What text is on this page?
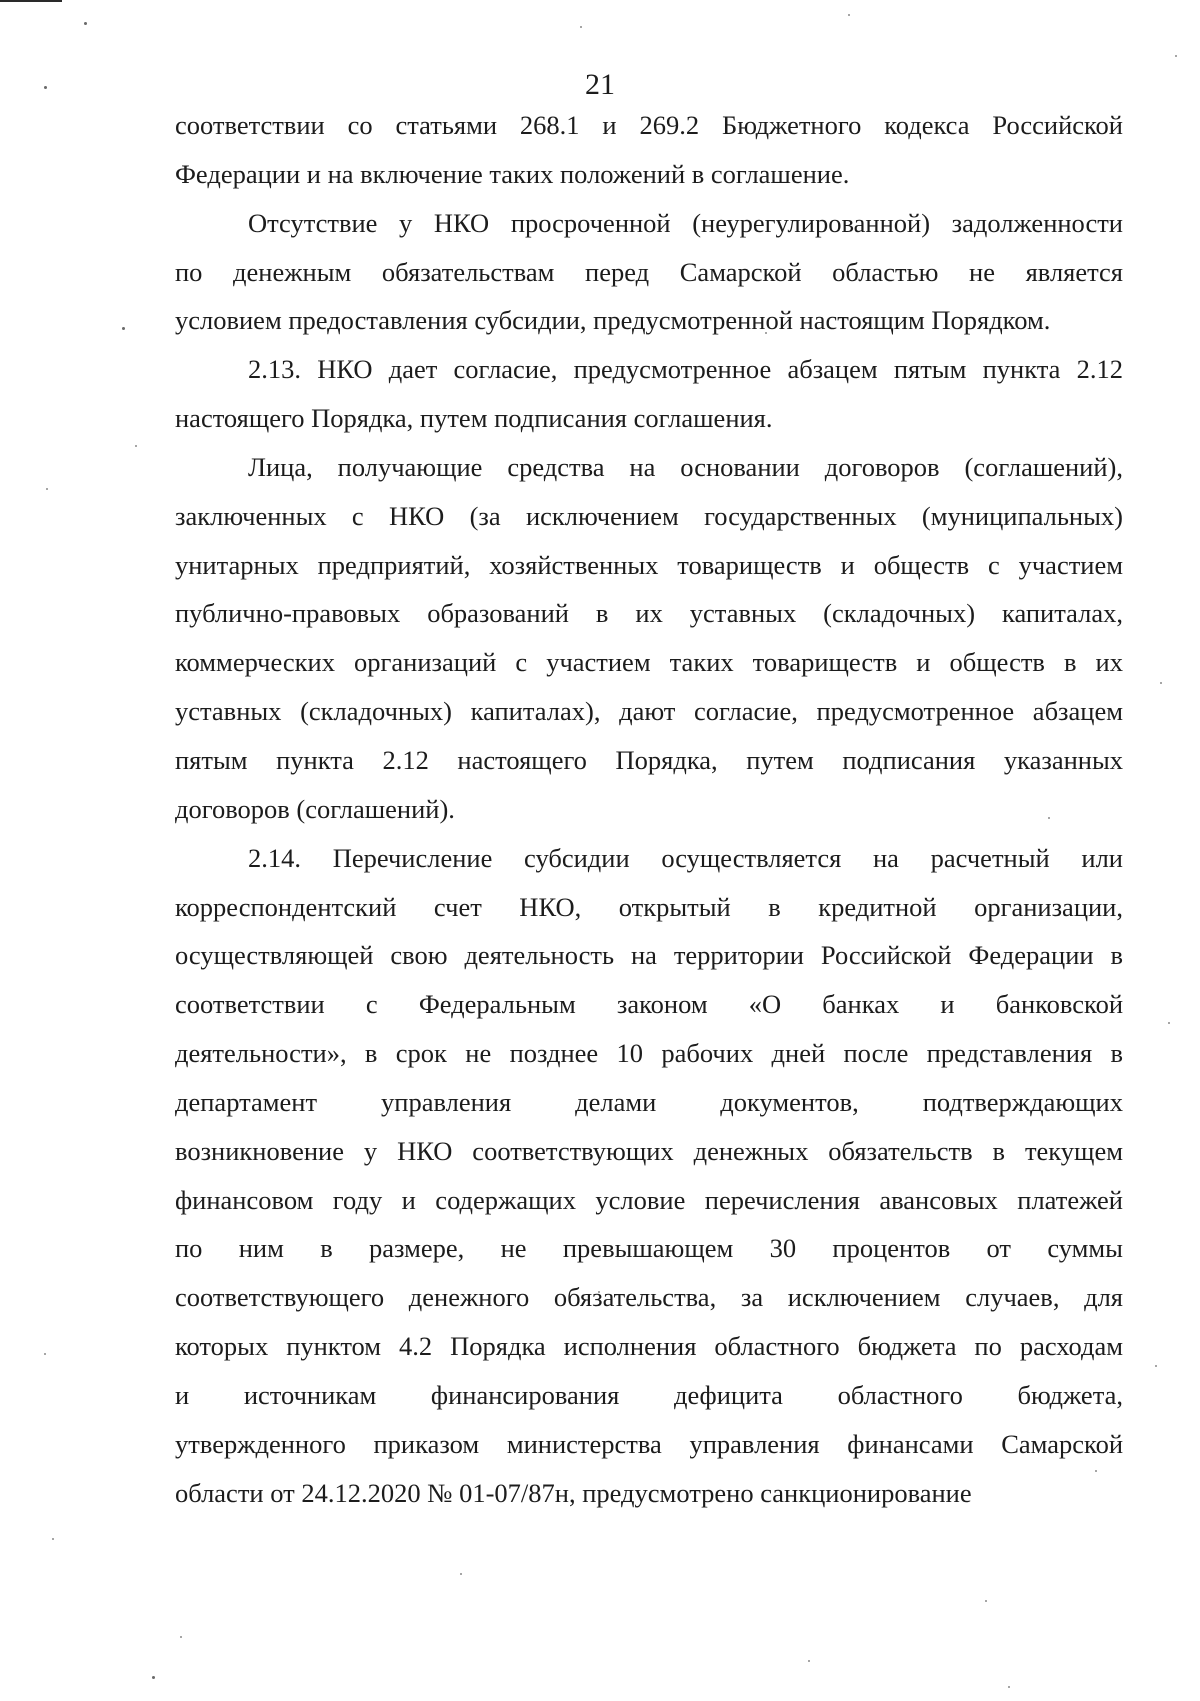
21
соответствии со статьями 268.1 и 269.2 Бюджетного кодекса Российской
Федерации и на включение таких положений в соглашение.
Отсутствие у НКО просроченной (неурегулированной) задолженности
по денежным обязательствам перед Самарской областью не является
условием предоставления субсидии, предусмотренной настоящим Порядком.
2.13. НКО дает согласие, предусмотренное абзацем пятым пункта 2.12
настоящего Порядка, путем подписания соглашения.
Лица, получающие средства на основании договоров (соглашений),
заключенных с НКО (за исключением государственных (муниципальных)
унитарных предприятий, хозяйственных товариществ и обществ с участием
публично-правовых образований в их уставных (складочных) капиталах,
коммерческих организаций с участием таких товариществ и обществ в их
уставных (складочных) капиталах), дают согласие, предусмотренное абзацем
пятым пункта 2.12 настоящего Порядка, путем подписания указанных
договоров (соглашений).
2.14. Перечисление субсидии осуществляется на расчетный или
корреспондентский счет НКО, открытый в кредитной организации,
осуществляющей свою деятельность на территории Российской Федерации в
соответствии с Федеральным законом «О банках и банковской
деятельности», в срок не позднее 10 рабочих дней после представления в
департамент управления делами документов, подтверждающих
возникновение у НКО соответствующих денежных обязательств в текущем
финансовом году и содержащих условие перечисления авансовых платежей
по ним в размере, не превышающем 30 процентов от суммы
соответствующего денежного обязательства, за исключением случаев, для
которых пунктом 4.2 Порядка исполнения областного бюджета по расходам
и источникам финансирования дефицита областного бюджета,
утвержденного приказом министерства управления финансами Самарской
области от 24.12.2020 № 01-07/87н, предусмотрено санкционирование
